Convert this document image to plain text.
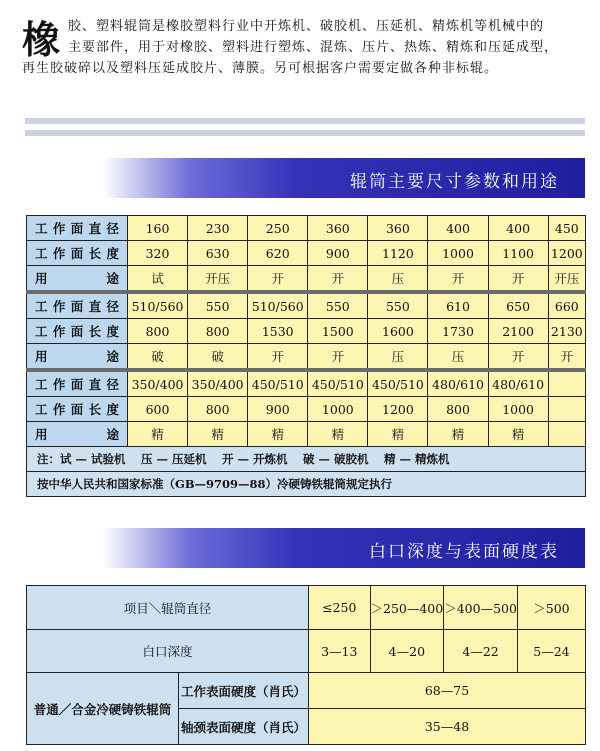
橡 胶、塑料辊筒是橡胶塑料行业中开炼机、破胶机、压延机、精炼机等机械中的
主要部件，用于对橡胶、塑料进行塑炼、混炼、压片、热炼、精炼和压延成型，
再生胶破碎以及塑料压延成胶片、薄膜。另可根据客户需要定做各种非标辊。
辊筒主要尺寸参数和用途
工作面直径	160	230	250	360	360	400	400	450
工作面长度	320	630	620	900	1120	1000	1100	1200
用途	试	开压	开	开	压	开	开	开压
工作面直径	510/560	550	510/560	550	550	610	650	660
工作面长度	800	800	1530	1500	1600	1730	2100	2130
用途	破	破	开	开	压	压	开	开
工作面直径	350/400	350/400	450/510	450/510	450/510	480/610	480/610	
工作面长度	600	800	900	1000	1200	800	1000	
用途	精	精	精	精	精	精	精	
注：试 — 试验机　 压 — 压延机　 开 — 开炼机　 破 — 破胶机　 精 — 精炼机								
按中华人民共和国家标准（GB—9709—88）冷硬铸铁辊筒规定执行								
白口深度与表面硬度表
项目＼辊筒直径		≤250	＞250—400	＞400—500	＞500
白口深度		3—13	4—20	4—22	5—24
普通／合金冷硬铸铁辊筒	工作表面硬度（肖氏）	68—75			
	轴颈表面硬度（肖氏）	35—48			
